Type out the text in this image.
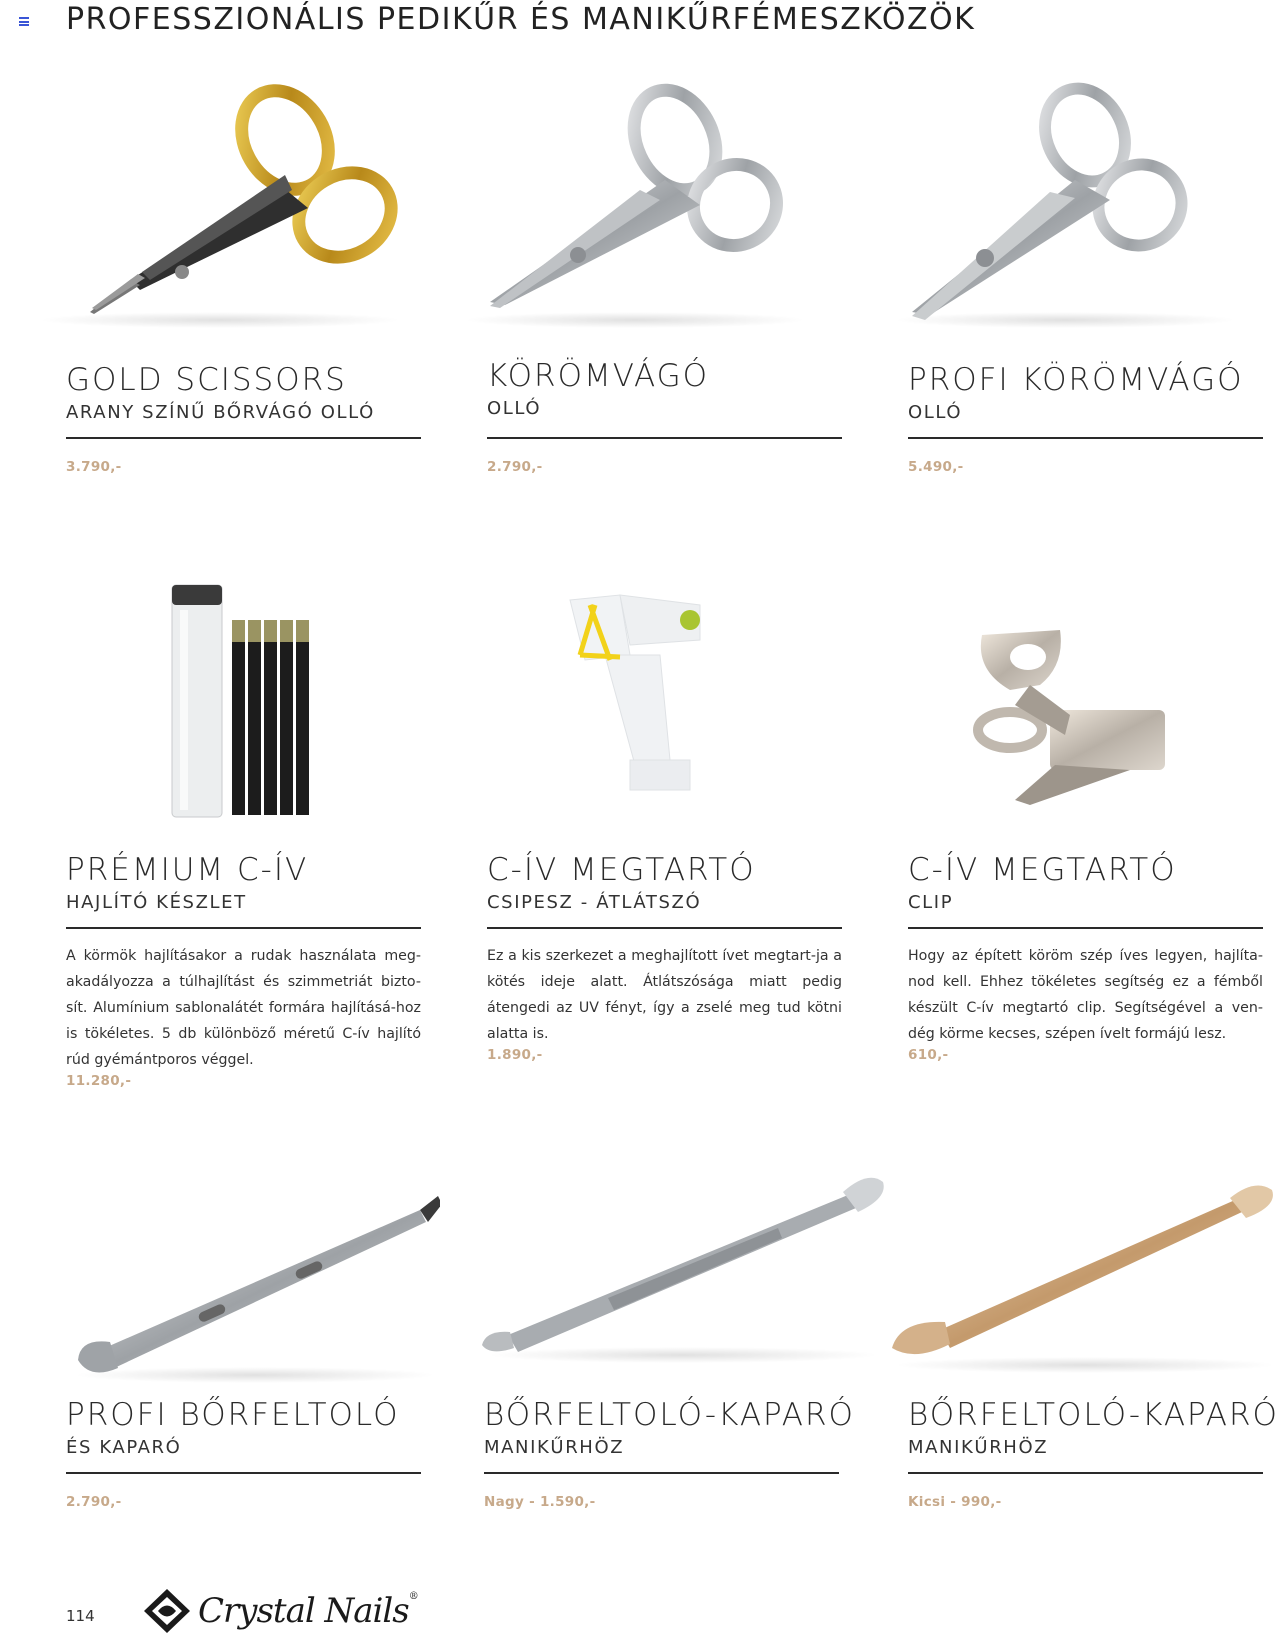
PROFESSZIONÁLIS PEDIKŰR ÉS MANIKŰRFÉMESZKÖZÖK
GOLD SCISSORS
ARANY SZÍNŰ BŐRVÁGÓ OLLÓ
3.790,-
KÖRÖMVÁGÓ
OLLÓ
2.790,-
PROFI KÖRÖMVÁGÓ
OLLÓ
5.490,-
PRÉMIUM C-ÍV
HAJLÍTÓ KÉSZLET
A körmök hajlításakor a rudak használata meg-akadályozza a túlhajlítást és szimmetriát bizto-sít. Alumínium sablonalátét formára hajlításá-hoz is tökéletes. 5 db különböző méretű C-ív hajlító rúd gyémántporos véggel.
11.280,-
C-ÍV MEGTARTÓ
CSIPESZ - ÁTLÁTSZÓ
Ez a kis szerkezet a meghajlított ívet megtart-ja a kötés ideje alatt. Átlátszósága miatt pedig átengedi az UV fényt, így a zselé meg tud kötni alatta is.
1.890,-
C-ÍV MEGTARTÓ
CLIP
Hogy az épített köröm szép íves legyen, hajlíta-nod kell. Ehhez tökéletes segítség ez a fémből készült C-ív megtartó clip. Segítségével a ven-dég körme kecses, szépen ívelt formájú lesz.
610,-
PROFI BŐRFELTOLÓ
ÉS KAPARÓ
2.790,-
BŐRFELTOLÓ-KAPARÓ
MANIKŰRHÖZ
Nagy - 1.590,-
BŐRFELTOLÓ-KAPARÓ
MANIKŰRHÖZ
Kicsi - 990,-
114	Crystal Nails®
